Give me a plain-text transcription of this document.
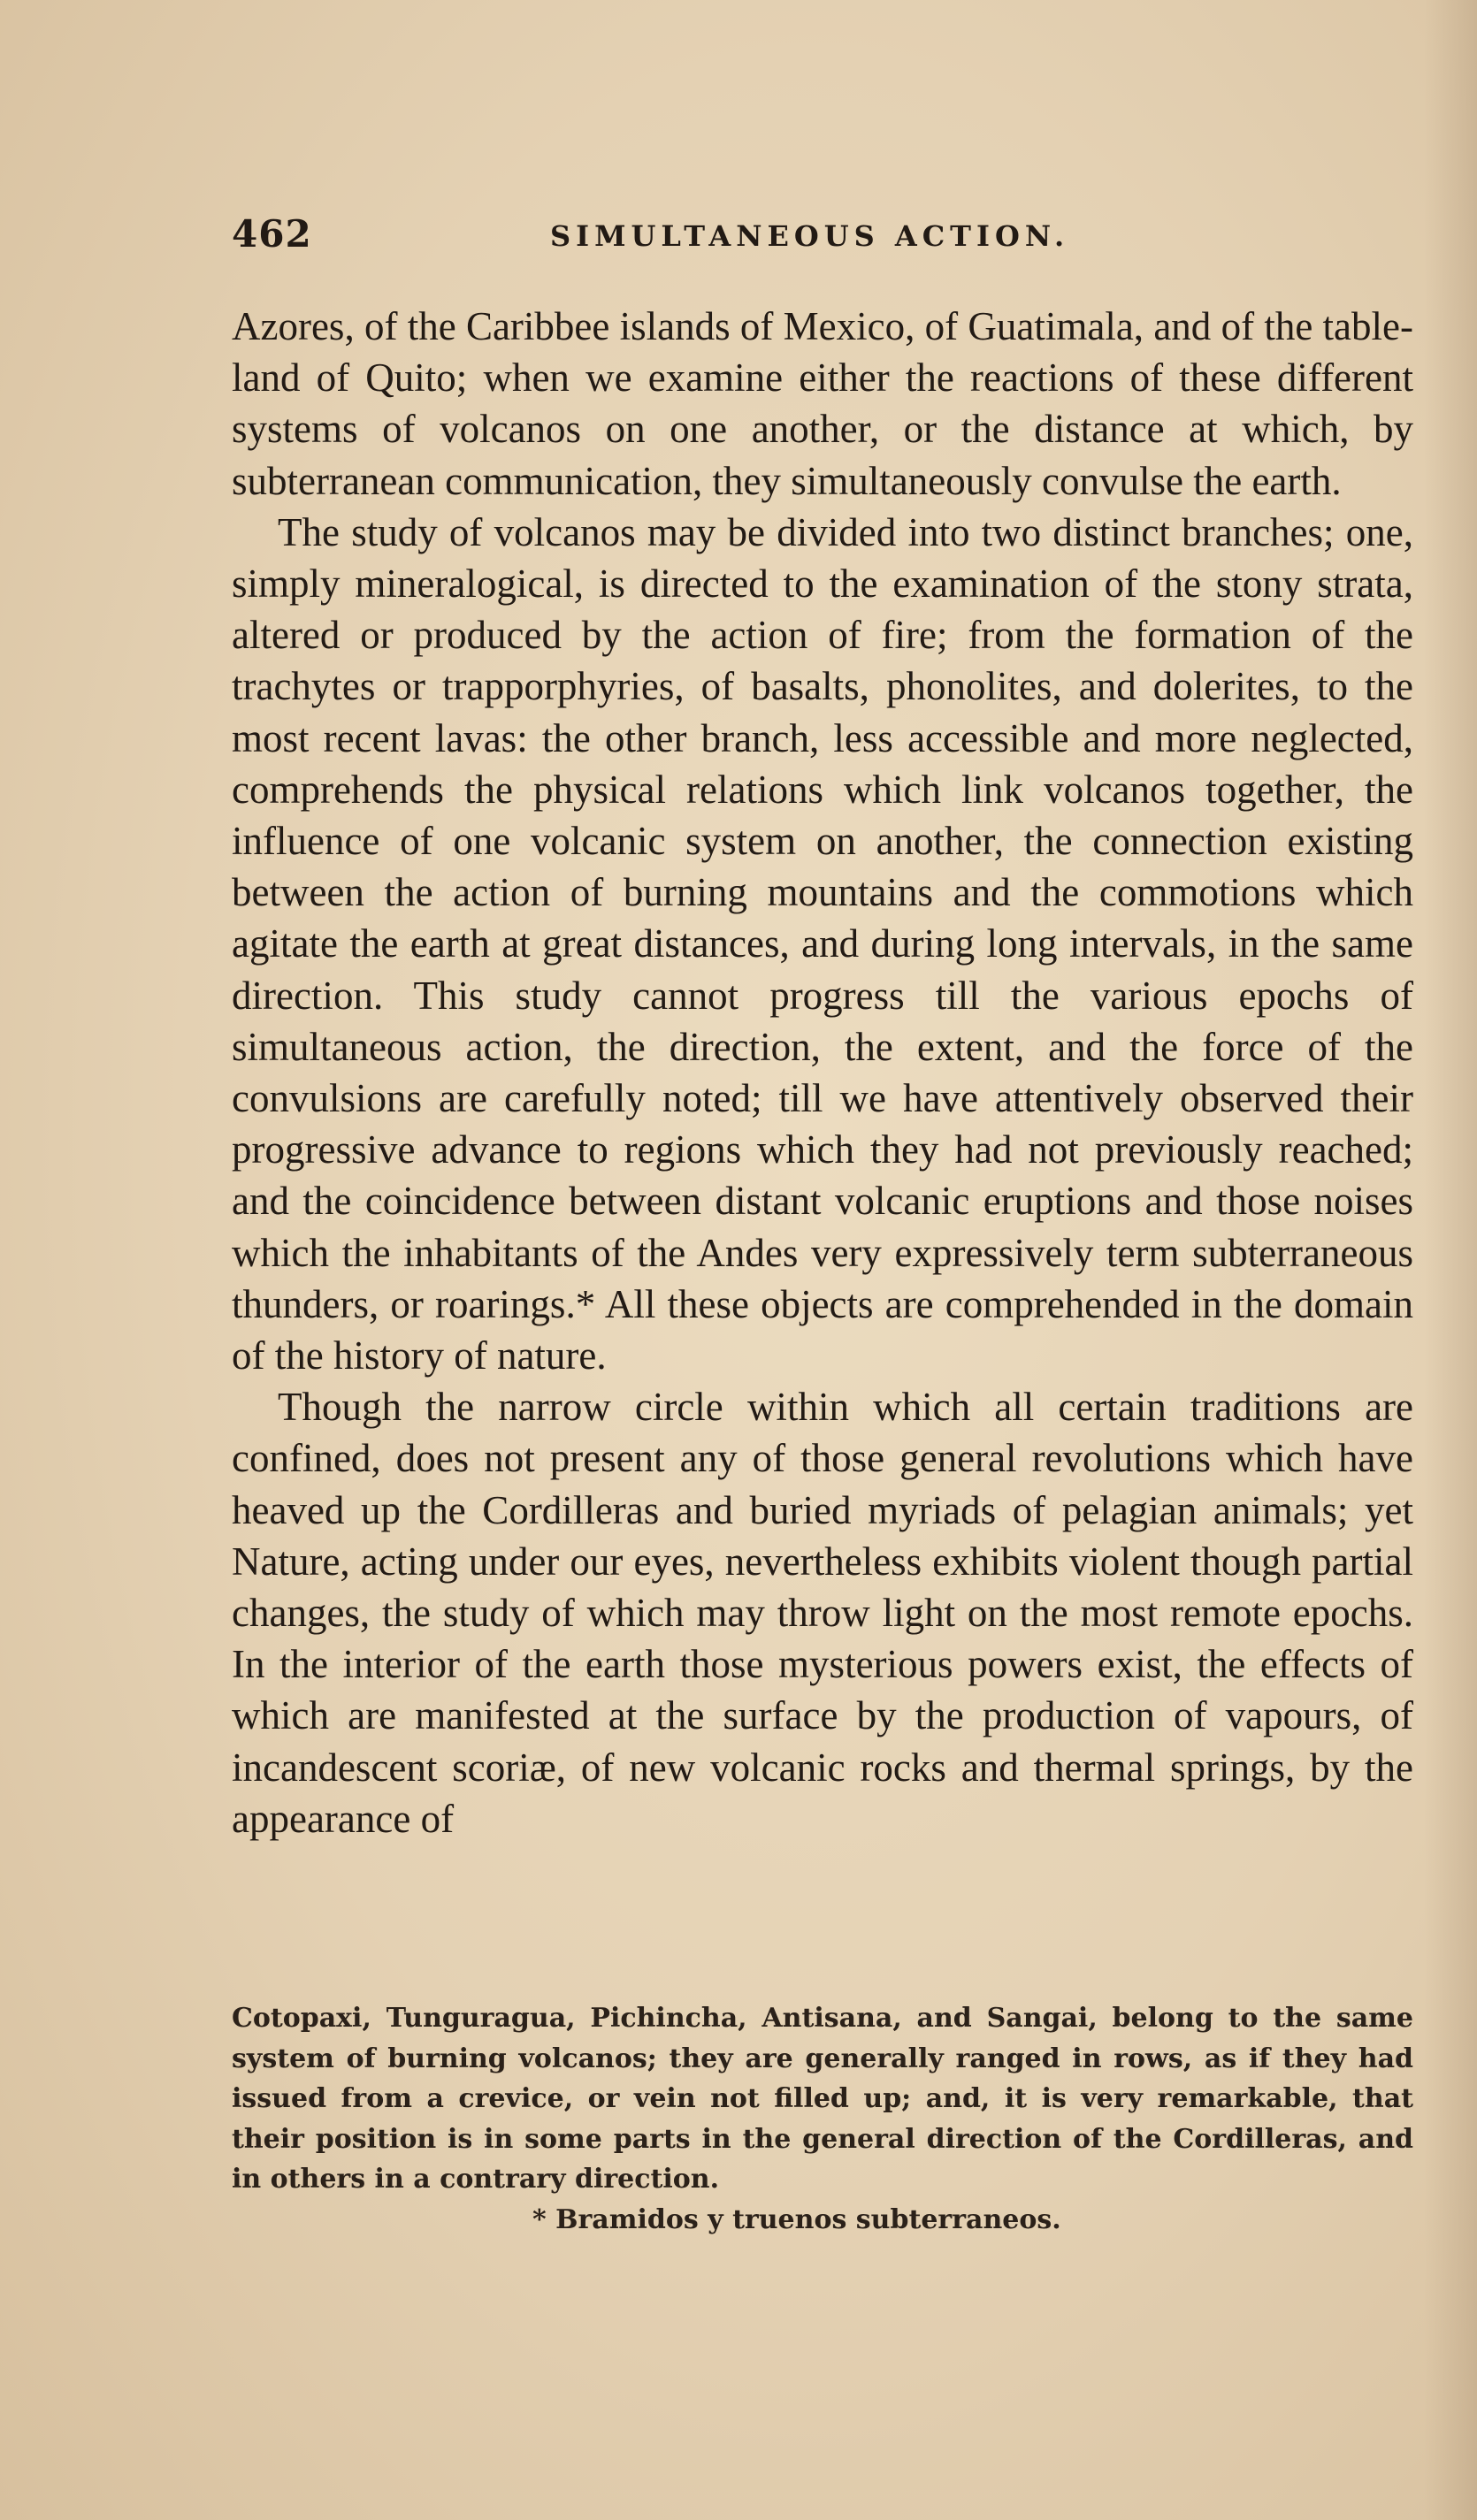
462	SIMULTANEOUS ACTION.

Azores, of the Caribbee islands of Mexico, of Guatimala, and of the table-land of Quito; when we examine either the reactions of these different systems of volcanos on one another, or the distance at which, by subterranean communication, they simultaneously convulse the earth.

The study of volcanos may be divided into two distinct branches; one, simply mineralogical, is directed to the examination of the stony strata, altered or produced by the action of fire; from the formation of the trachytes or trapporphyries, of basalts, phonolites, and dolerites, to the most recent lavas: the other branch, less accessible and more neglected, comprehends the physical relations which link volcanos together, the influence of one volcanic system on another, the connection existing between the action of burning mountains and the commotions which agitate the earth at great distances, and during long intervals, in the same direction. This study cannot progress till the various epochs of simultaneous action, the direction, the extent, and the force of the convulsions are carefully noted; till we have attentively observed their progressive advance to regions which they had not previously reached; and the coincidence between distant volcanic eruptions and those noises which the inhabitants of the Andes very expressively term subterraneous thunders, or roarings.* All these objects are comprehended in the domain of the history of nature.

Though the narrow circle within which all certain traditions are confined, does not present any of those general revolutions which have heaved up the Cordilleras and buried myriads of pelagian animals; yet Nature, acting under our eyes, nevertheless exhibits violent though partial changes, the study of which may throw light on the most remote epochs. In the interior of the earth those mysterious powers exist, the effects of which are manifested at the surface by the production of vapours, of incandescent scoriæ, of new volcanic rocks and thermal springs, by the appearance of

Cotopaxi, Tunguragua, Pichincha, Antisana, and Sangai, belong to the same system of burning volcanos; they are generally ranged in rows, as if they had issued from a crevice, or vein not filled up; and, it is very remarkable, that their position is in some parts in the general direction of the Cordilleras, and in others in a contrary direction.

* Bramidos y truenos subterraneos.
